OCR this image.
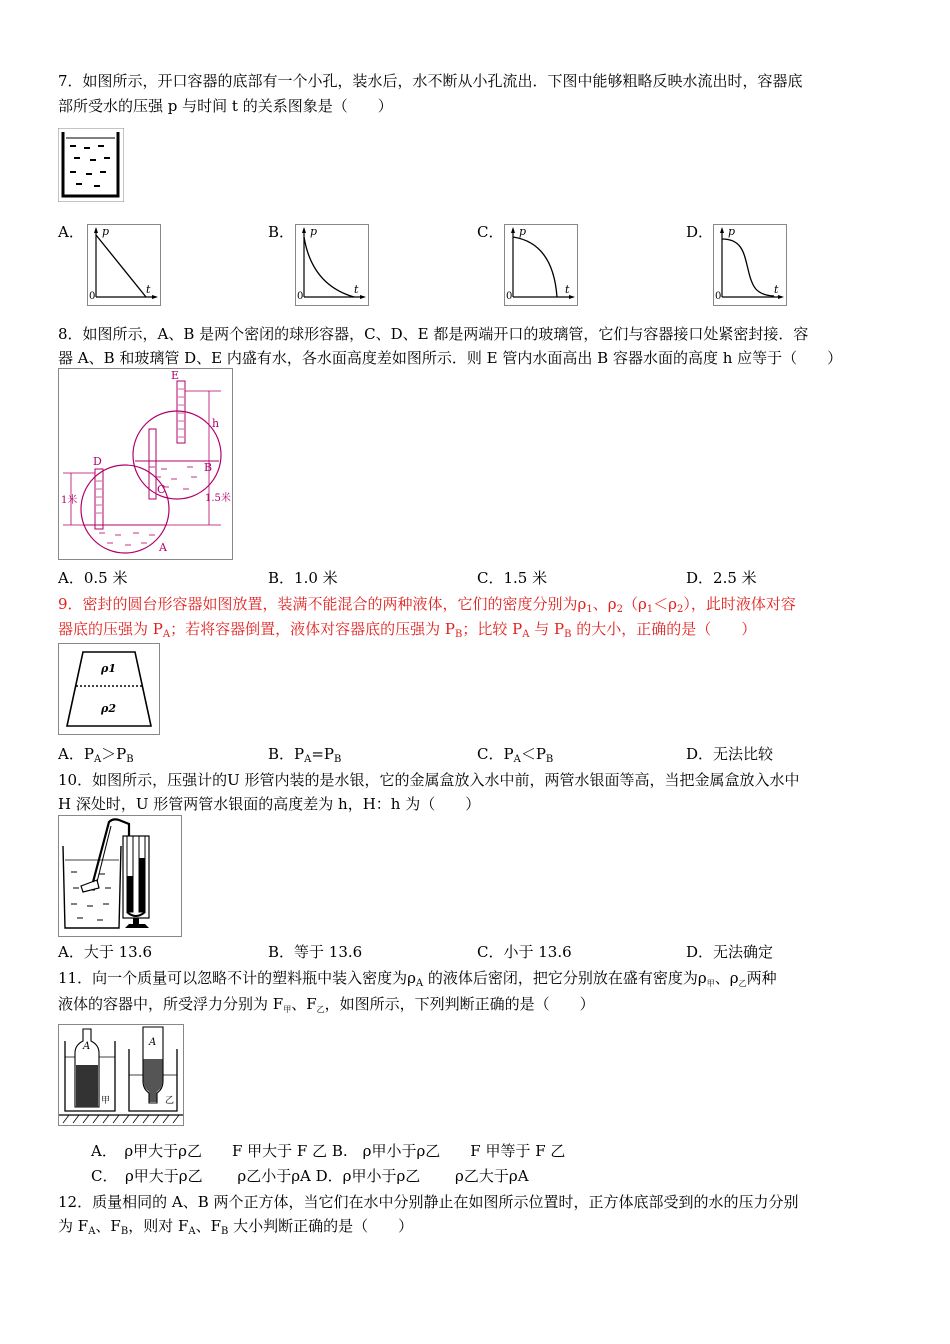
7．如图所示，开口容器的底部有一个小孔，装水后，水不断从小孔流出．下图中能够粗略反映水流出时，容器底
部所受水的压强 p 与时间 t 的关系图象是（　　）
A．	B．	C．	D．
p
t
0
p
t
0
p
t
0
p
t
0
8．如图所示，A、B 是两个密闭的球形容器，C、D、E 都是两端开口的玻璃管，它们与容器接口处紧密封接．容
器 A、B 和玻璃管 D、E 内盛有水，各水面高度差如图所示．则 E 管内水面高出 B 容器水面的高度 h 应等于（　　）
E
h
B
C
D
1米	1.5米
A
A．0.5 米	B．1.0 米	C．1.5 米	D．2.5 米
9．密封的圆台形容器如图放置，装满不能混合的两种液体，它们的密度分别为$\rho_1$、$\rho_2(\rho_1<\rho_2)$，此时液体对容
器底的压强为 $P_A$；若将容器倒置，液体对容器底的压强为 $P_B$；比较 $P_A$ 与 $P_B$ 的大小，正确的是（　　）
ρ1
ρ2
A．$P_A>P_B$	B．$P_A=P_B$	C．$P_A<P_B$	D．无法比较
10．如图所示，压强计的U 形管内装的是水银，它的金属盒放入水中前，两管水银面等高，当把金属盒放入水中
H 深处时，U 形管两管水银面的高度差为 h，H：h 为（　　）
A．大于 13.6	B．等于 13.6	C．小于 13.6	D．无法确定
11．向一个质量可以忽略不计的塑料瓶中装入密度为$\rho_A$ 的液体后密闭，把它分别放在盛有密度为$\rho_甲$、$\rho_乙$两种
液体的容器中，所受浮力分别为 $F_甲$、$F_乙$，如图所示，下列判断正确的是（　　）
A	A
甲	乙
A．　ρ甲大于ρ乙　　F 甲大于 F 乙 B.　ρ甲小于ρ乙　　F 甲等于 F 乙
C．　ρ甲大于ρ乙　　 ρ乙小于ρA D．ρ甲小于ρ乙　　 ρ乙大于ρA
12．质量相同的 A、B 两个正方体，当它们在水中分别静止在如图所示位置时，正方体底部受到的水的压力分别
为 $F_A$、$F_B$，则对 $F_A$、$F_B$ 大小判断正确的是（　　）
